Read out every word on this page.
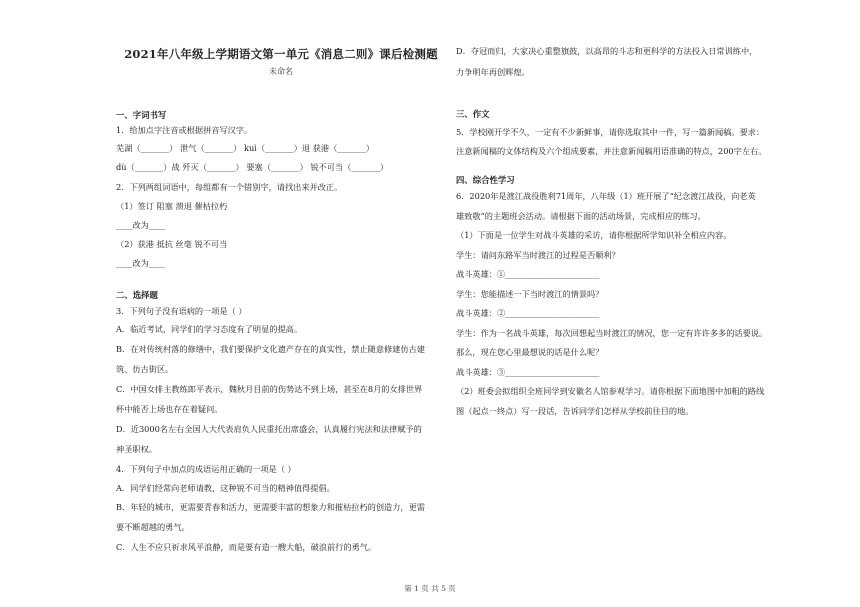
2021年八年级上学期语文第一单元《消息二则》课后检测题
未命名
一、字词书写
1．给加点字注音或根据拼音写汉字。
芜湖（_______） 泄气（_______） kuì（_______）退 获港（_______）
dù（_______）战 歼灭（_______） 要塞（_______） 锐不可当（_______）
2．下列两组词语中，每组都有一个错别字，请找出来并改正。
（1）签订 阻塞 溃退 催枯拉朽
____改为____
（2）获港 抵抗 丝毫 锐不可当
____改为____
二、选择题
3．下列句子没有语病的一项是（ ）
A．临近考试，同学们的学习态度有了明显的提高。
B．在对传统村落的修缮中，我们要保护文化遗产存在的真实性，禁止随意修建仿古建
筑、仿古街区。
C．中国女排主教练郎平表示，魏秋月目前的伤势达不到上场，甚至在8月的女排世界
杯中能否上场也存在着疑问。
D．近3000名左右全国人大代表肩负人民重托出席盛会，认真履行宪法和法律赋予的
神圣职权。
4．下列句子中加点的成语运用正确的一项是（ ）
A．同学们经常向老师请教，这种锐不可当的精神值得提倡。
B．年轻的城市，更需要青春和活力，更需要丰富的想象力和摧枯拉朽的创造力，更需
要不断超越的勇气。
C．人生不应只祈求风平浪静，而是要有造一艘大船，破浪前行的勇气。
D．夺冠而归，大家决心重整旗鼓，以高昂的斗志和更科学的方法投入日常训练中，
力争明年再创辉煌。
三、作文
5．学校刚开学不久，一定有不少新鲜事，请你选取其中一件，写一篇新闻稿。要求：
注意新闻稿的文体结构及六个组成要素，并注意新闻稿用语准确的特点，200字左右。
四、综合性学习
6．2020年是渡江战役胜利71周年，八年级（1）班开展了“纪念渡江战役，向老英
雄致敬”的主题班会活动。请根据下面的活动场景，完成相应的练习。
（1）下面是一位学生对战斗英雄的采访，请你根据所学知识补全相应内容。
学生：请问东路军当时渡江的过程是否顺利？
战斗英雄：①_______________________
学生：您能描述一下当时渡江的情景吗？
战斗英雄：②_______________________
学生：作为一名战斗英雄，每次回想起当时渡江的情况，您一定有许许多多的话要说。
那么，现在您心里最想说的话是什么呢？
战斗英雄：③_______________________
（2）班委会拟组织全班同学到安徽名人馆参观学习。请你根据下面地图中加粗的路线
图（起点一终点）写一段话，告诉同学们怎样从学校前往目的地。
第 1 页 共 5 页
